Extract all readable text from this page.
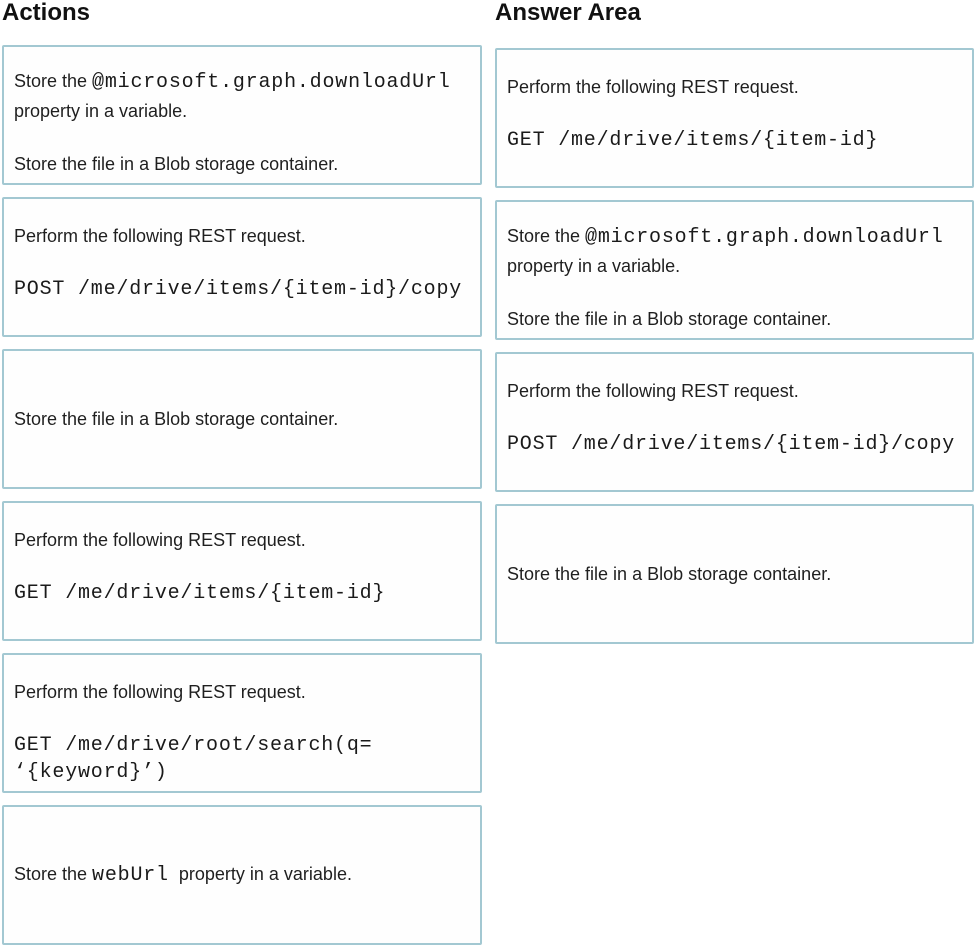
Actions

Store the @microsoft.graph.downloadUrl property in a variable.

Store the file in a Blob storage container.

Perform the following REST request.

POST /me/drive/items/{item-id}/copy

Store the file in a Blob storage container.

Perform the following REST request.

GET /me/drive/items/{item-id}

Perform the following REST request.

GET /me/drive/root/search(q=
‘{keyword}’)

Store the webUrl  property in a variable.

Answer Area

Perform the following REST request.

GET /me/drive/items/{item-id}

Store the @microsoft.graph.downloadUrl property in a variable.

Store the file in a Blob storage container.

Perform the following REST request.

POST /me/drive/items/{item-id}/copy

Store the file in a Blob storage container.
